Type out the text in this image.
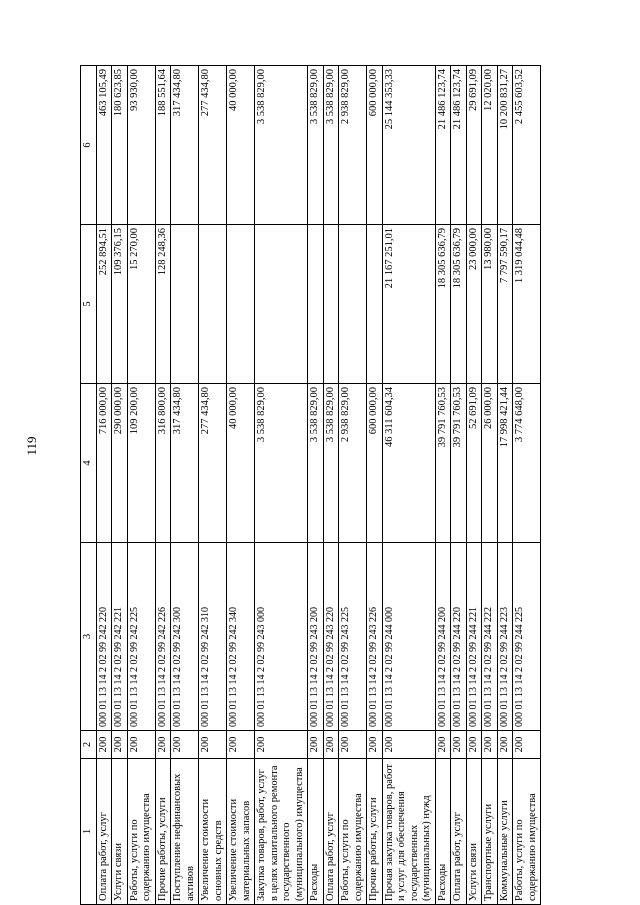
119
1	2	3	4	5	6
Оплата работ, услуг	200	000 01 13 14 2 02 99 242 220	716 000,00	252 894,51	463 105,49
Услуги связи	200	000 01 13 14 2 02 99 242 221	290 000,00	109 376,15	180 623,85
Работы, услуги по содержанию имущества	200	000 01 13 14 2 02 99 242 225	109 200,00	15 270,00	93 930,00
Прочие работы, услуги	200	000 01 13 14 2 02 99 242 226	316 800,00	128 248,36	188 551,64
Поступление нефинансовых активов	200	000 01 13 14 2 02 99 242 300	317 434,80		317 434,80
Увеличение стоимости основных средств	200	000 01 13 14 2 02 99 242 310	277 434,80		277 434,80
Увеличение стоимости материальных запасов	200	000 01 13 14 2 02 99 242 340	40 000,00		40 000,00
Закупка товаров, работ, услуг в целях капитального ремонта государственного (муниципального) имущества	200	000 01 13 14 2 02 99 243 000	3 538 829,00		3 538 829,00
Расходы	200	000 01 13 14 2 02 99 243 200	3 538 829,00		3 538 829,00
Оплата работ, услуг	200	000 01 13 14 2 02 99 243 220	3 538 829,00		3 538 829,00
Работы, услуги по содержанию имущества	200	000 01 13 14 2 02 99 243 225	2 938 829,00		2 938 829,00
Прочие работы, услуги	200	000 01 13 14 2 02 99 243 226	600 000,00		600 000,00
Прочая закупка товаров, работ и услуг для обеспечения государственных (муниципальных) нужд	200	000 01 13 14 2 02 99 244 000	46 311 604,34	21 167 251,01	25 144 353,33
Расходы	200	000 01 13 14 2 02 99 244 200	39 791 760,53	18 305 636,79	21 486 123,74
Оплата работ, услуг	200	000 01 13 14 2 02 99 244 220	39 791 760,53	18 305 636,79	21 486 123,74
Услуги связи	200	000 01 13 14 2 02 99 244 221	52 691,09	23 000,00	29 691,09
Транспортные услуги	200	000 01 13 14 2 02 99 244 222	26 000,00	13 980,00	12 020,00
Коммунальные услуги	200	000 01 13 14 2 02 99 244 223	17 998 421,44	7 797 590,17	10 200 831,27
Работы, услуги по содержанию имущества	200	000 01 13 14 2 02 99 244 225	3 774 648,00	1 319 044,48	2 455 603,52
